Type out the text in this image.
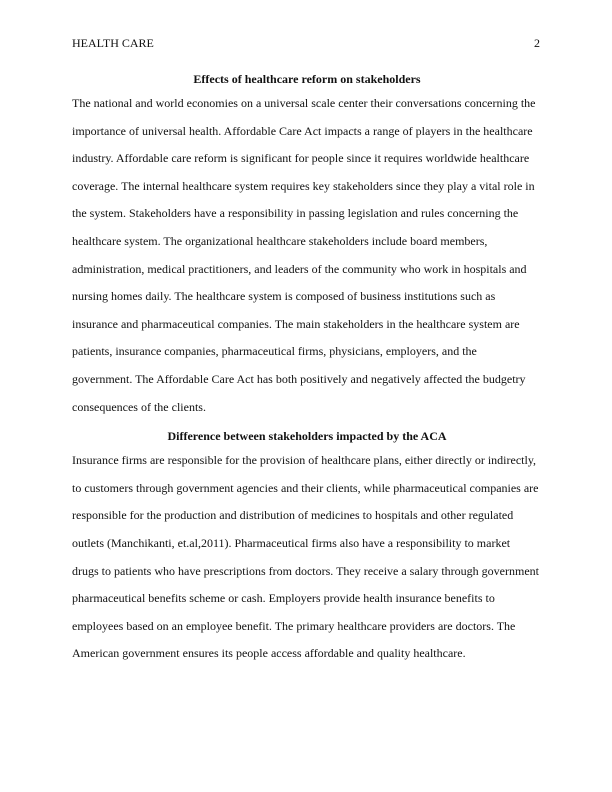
HEALTH CARE	2
Effects of healthcare reform on stakeholders
The national and world economies on a universal scale center their conversations concerning the
importance of universal health. Affordable Care Act impacts a range of players in the healthcare
industry. Affordable care reform is significant for people since it requires worldwide healthcare
coverage. The internal healthcare system requires key stakeholders since they play a vital role in
the system. Stakeholders have a responsibility in passing legislation and rules concerning the
healthcare system. The organizational healthcare stakeholders include board members,
administration, medical practitioners, and leaders of the community who work in hospitals and
nursing homes daily. The healthcare system is composed of business institutions such as
insurance and pharmaceutical companies. The main stakeholders in the healthcare system are
patients, insurance companies, pharmaceutical firms, physicians, employers, and the
government. The Affordable Care Act has both positively and negatively affected the budgetry
consequences of the clients.
Difference between stakeholders impacted by the ACA
Insurance firms are responsible for the provision of healthcare plans, either directly or indirectly,
to customers through government agencies and their clients, while pharmaceutical companies are
responsible for the production and distribution of medicines to hospitals and other regulated
outlets (Manchikanti, et.al,2011). Pharmaceutical firms also have a responsibility to market
drugs to patients who have prescriptions from doctors. They receive a salary through government
pharmaceutical benefits scheme or cash. Employers provide health insurance benefits to
employees based on an employee benefit. The primary healthcare providers are doctors. The
American government ensures its people access affordable and quality healthcare.
